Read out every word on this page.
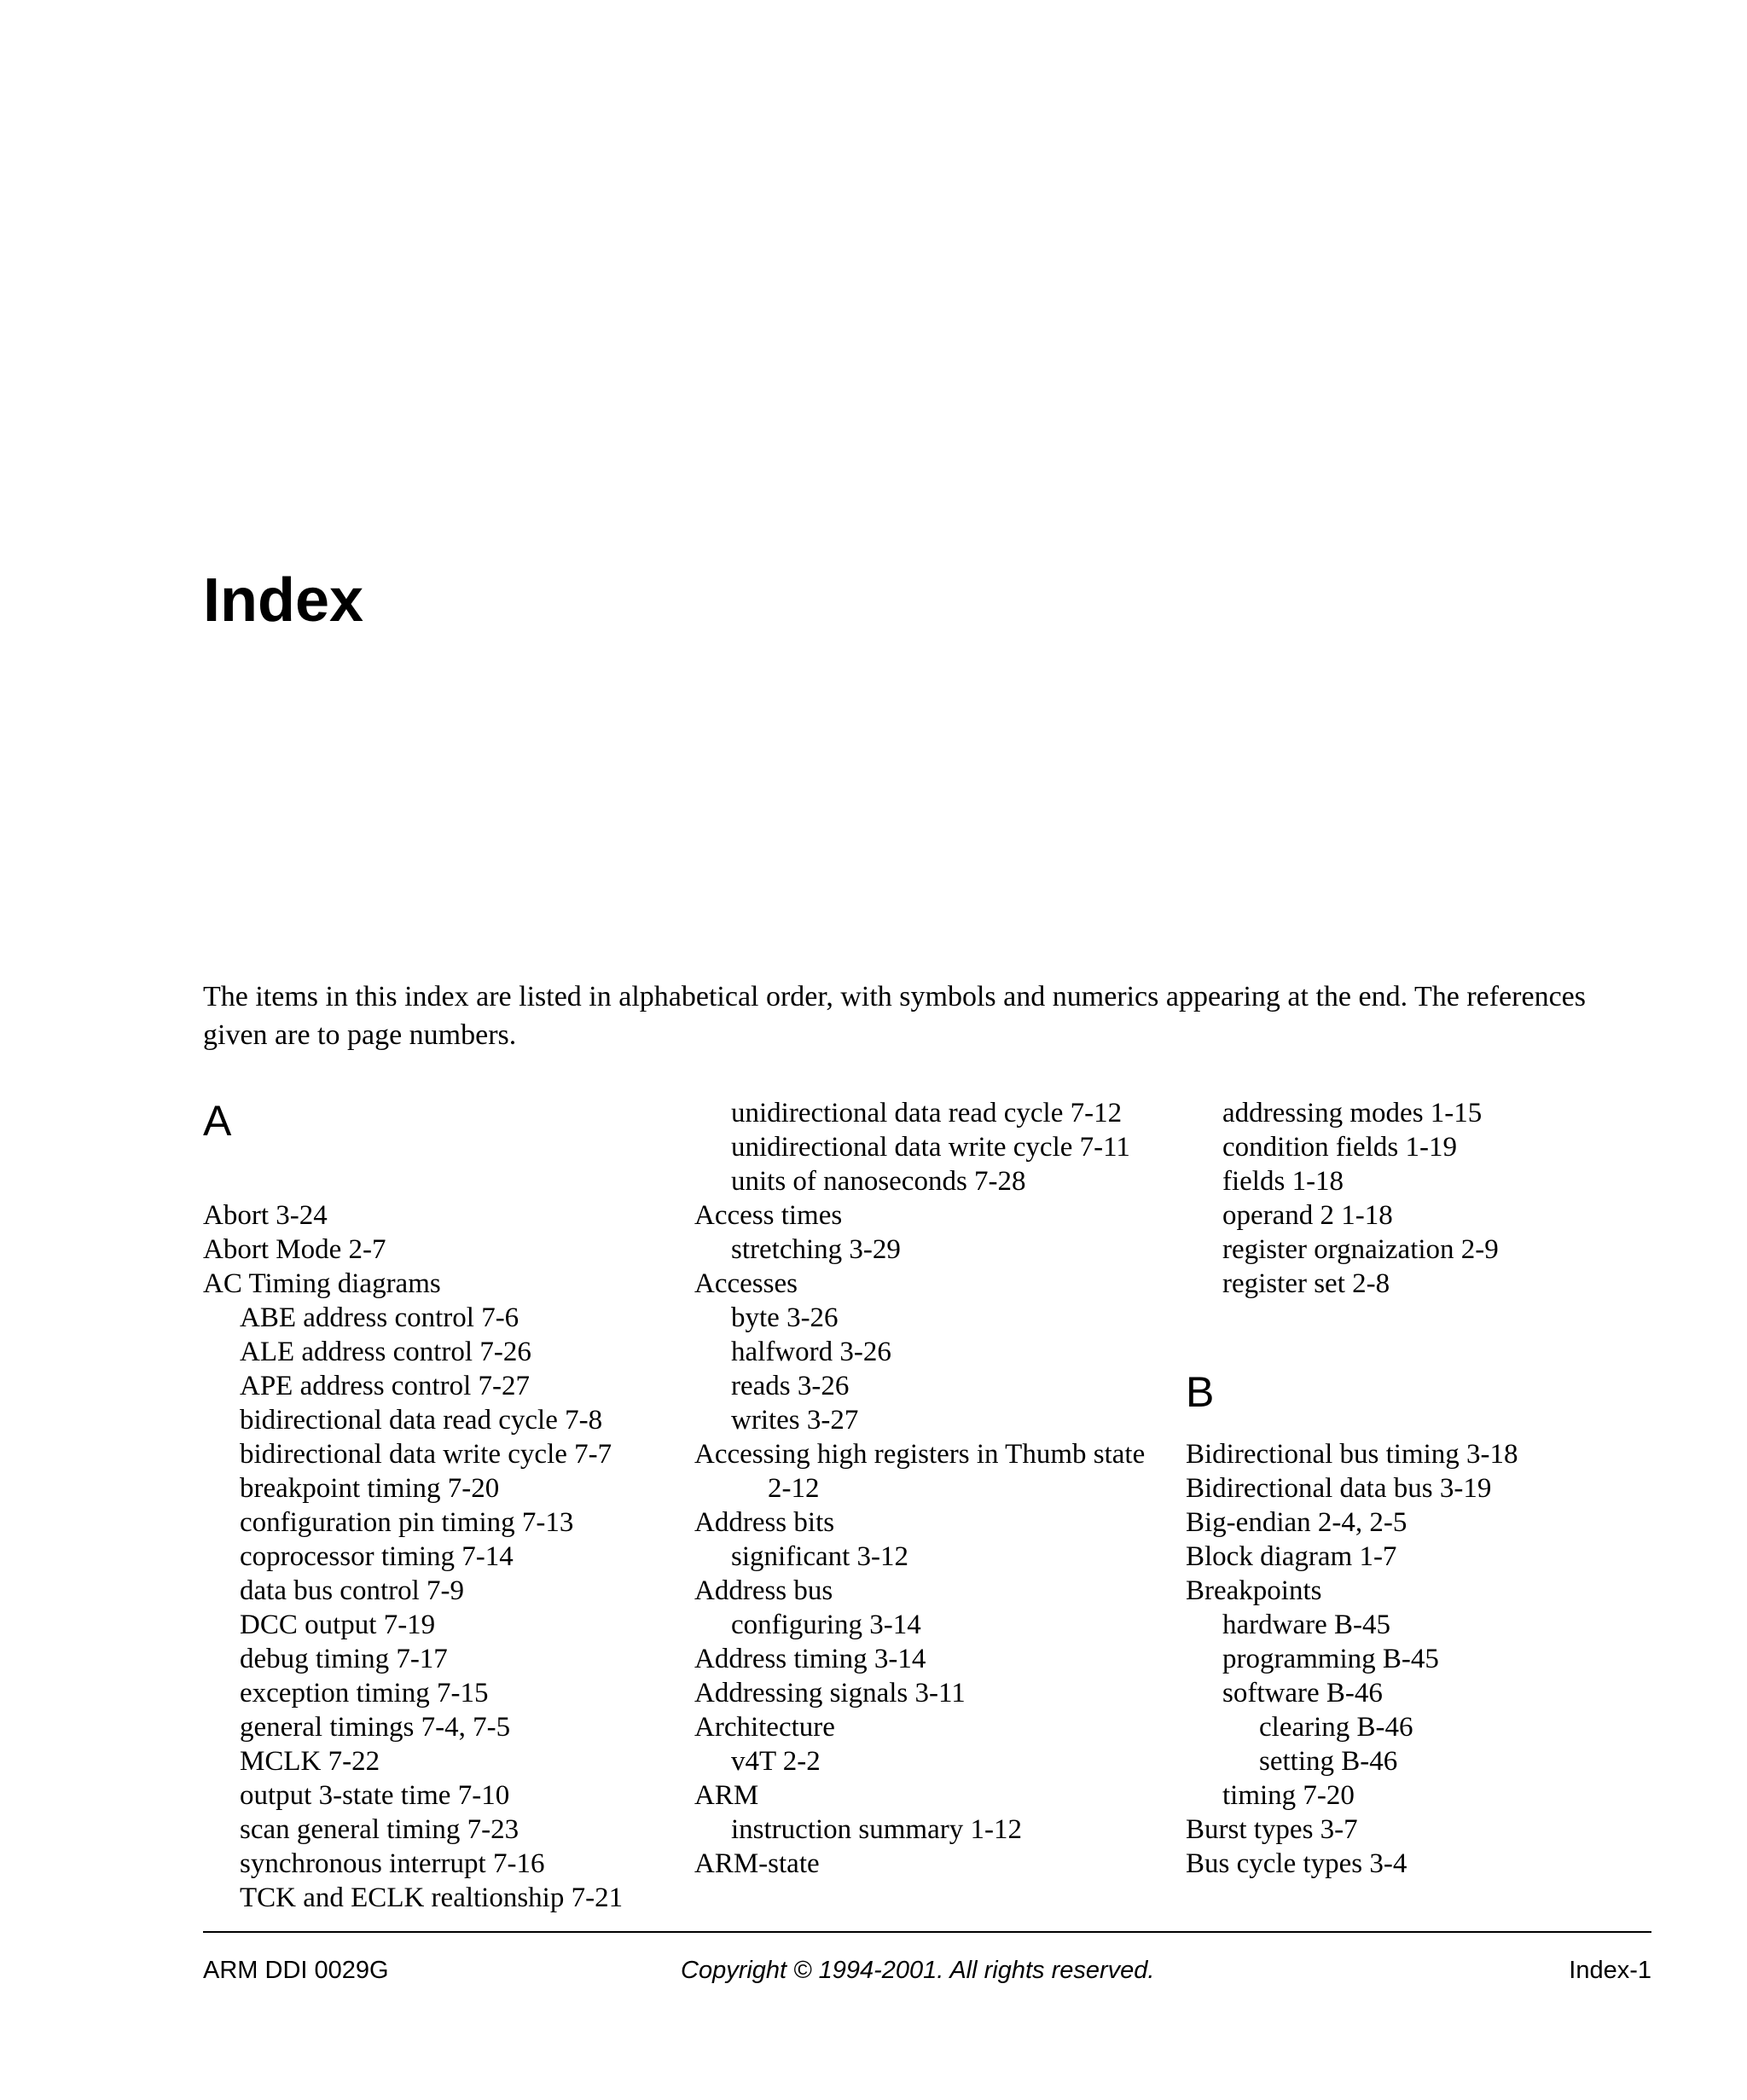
Index

The items in this index are listed in alphabetical order, with symbols and numerics appearing at the end. The references given are to page numbers.

A
Abort 3-24
Abort Mode 2-7
AC Timing diagrams
ABE address control 7-6
ALE address control 7-26
APE address control 7-27
bidirectional data read cycle 7-8
bidirectional data write cycle 7-7
breakpoint timing 7-20
configuration pin timing 7-13
coprocessor timing 7-14
data bus control 7-9
DCC output 7-19
debug timing 7-17
exception timing 7-15
general timings 7-4, 7-5
MCLK 7-22
output 3-state time 7-10
scan general timing 7-23
synchronous interrupt 7-16
TCK and ECLK realtionship 7-21
unidirectional data read cycle 7-12
unidirectional data write cycle 7-11
units of nanoseconds 7-28
Access times
stretching 3-29
Accesses
byte 3-26
halfword 3-26
reads 3-26
writes 3-27
Accessing high registers in Thumb state
2-12
Address bits
significant 3-12
Address bus
configuring 3-14
Address timing 3-14
Addressing signals 3-11
Architecture
v4T 2-2
ARM
instruction summary 1-12
ARM-state
addressing modes 1-15
condition fields 1-19
fields 1-18
operand 2 1-18
register orgnaization 2-9
register set 2-8
B
Bidirectional bus timing 3-18
Bidirectional data bus 3-19
Big-endian 2-4, 2-5
Block diagram 1-7
Breakpoints
hardware B-45
programming B-45
software B-46
clearing B-46
setting B-46
timing 7-20
Burst types 3-7
Bus cycle types 3-4
ARM DDI 0029G	Copyright © 1994-2001. All rights reserved.	Index-1
